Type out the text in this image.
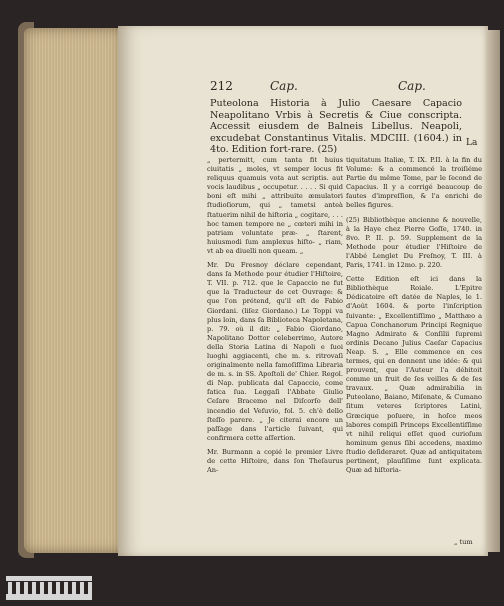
212	Cap.	Cap.
Puteolona Historia à Julio Caesare Capacio Neapolitano Vrbis à Secretis & Ciue conscripta. Accessit eiusdem de Balneis Libellus. Neapoli, excudebat Constantinus Vitalis. MDCIII. (1604.) in 4to. Edition fort-rare. (25)
La

„ pertermitt, cum tanta fit huius ciuitatis „ moles, vt semper locus fit reliquus quamuis vota aut scriptis. aut vocis laudibus „ occupetur. . . . . Si quid boni eſt mihi „ attribuite æmulatori ſtudioſiorum, qui „ tametsi anteà ſtatuerim nihil de hiſtoria „ cogitare, . . . hoc tamen tempore ne „ cœteri mihi in patriam voluntate præ- „ ſtarent, huiusmodi ſum amplexus hiſto- „ riam, vt ab ea diuelli non queam. „

Mr. Du Fresnoy déclare cependant, dans ſa Methode pour étudier l'Hiſtoire, T. VII. p. 712. que le Capaccio ne fut que la Traducteur de cet Ouvrage: & que l'on prétend, qu'il eſt de Fabio Giordani. (liſez Giordano.) Le Toppi va plus loin, dans ſa Biblioteca Napoletana, p. 79. où il dit: „ Fabio Giordano, Napolitano Dottor celeberrimo, Autore della Storia Latina di Napoli e ſuoi luoghi aggiacenti, che m. s. ritrovaſi originalmente nella famoſiſſima Libraria de m. s. in SS. Apoſtoli de' Chier. Regol. di Nap. publicata dal Capaccio, come fatica ſua. Leggaſi l'Abbate Giulio Ceſare Bracemo nel Diſcorſo dell' incendio del Veſuvio, fol. 5. ch'è dello ſteſſo parere. „ Je citerai encore un paſſage dans l'article ſuivant, qui confirmera cette aſſertion.

Mr. Burmann a copié le premier Livre de cette Hiſtoire, dans ſon Theſaurus An-

tiquitatum Italiæ, T. IX. P.II. à la fin du Volume: & a commencé la troiſiéme Partie du même Tome, par le ſecond de Capacius. Il y a corrigé beaucoup de fautes d'impreſſion, & l'a enrichi de belles figures.

(25) Bibliothèque ancienne & nouvelle, à la Haye chez Pierre Goſſe, 1740. in 8vo. P. II. p. 59. Supplement de la Methode pour étudier l'Hiſtoire de l'Abbé Lenglet Du Freſnoy, T. III. à Paris, 1741. in 12mo. p. 220.

Cette Edition eſt ici dans la Bibliothèque Roiale. L'Epitre Dédicatoire eſt datée de Naples, le 1. d'Août 1604. & porte l'inſcription ſuivante: „ Excellentiſſimo „ Matthæo a Capua Conchanorum Principi Regnique Magno Admirato & Conſilii ſupremi ordinis Decano Julius Caeſar Capacius Neap. S. „ Elle commence en ces termes, qui en donnent une idée: & qui prouvent, que l'Auteur l'a débitoit comme un fruit de ſes veilles & de ſes travaux. „ Quæ admirabilia in Puteolano, Baiano, Miſenate, & Cumano ſitum veteres ſcriptores Latini, Græcique poſuere, in hoſce meos labores compiſi Princeps Excellentiſſime vt nihil reliqui eſſet quod curioſum hominum genus ſibi accedens, maximo ſtudio deſideraret. Quæ ad antiquitatem pertinent, plauſiſime ſunt explicata. Quæ ad hiſtoria-

„ tum
